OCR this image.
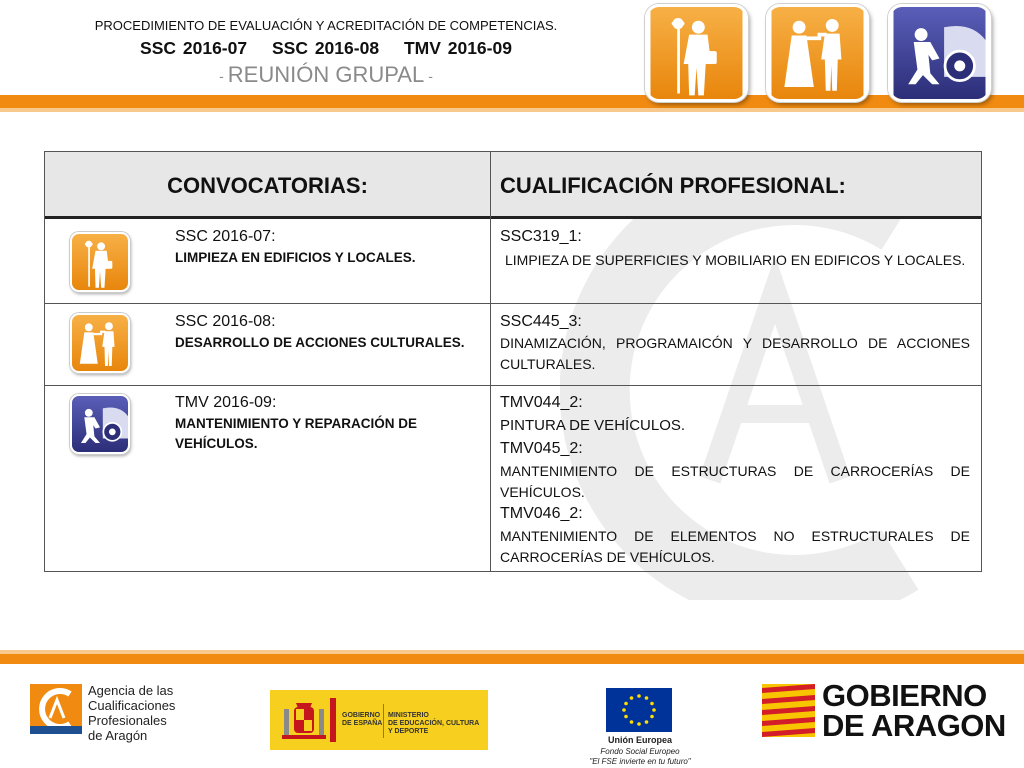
PROCEDIMIENTO DE EVALUACIÓN Y ACREDITACIÓN DE COMPETENCIAS.
SSC 2016-07 SSC 2016-08 TMV 2016-09
- REUNIÓN GRUPAL -
CONVOCATORIAS:	CUALIFICACIÓN PROFESIONAL:
SSC 2016-07:
LIMPIEZA EN EDIFICIOS Y LOCALES.
SSC319_1:
LIMPIEZA DE SUPERFICIES Y MOBILIARIO EN EDIFICOS Y LOCALES.
SSC 2016-08:
DESARROLLO DE ACCIONES CULTURALES.
SSC445_3:
DINAMIZACIÓN, PROGRAMAICÓN Y DESARROLLO DE ACCIONES CULTURALES.
TMV 2016-09:
MANTENIMIENTO Y REPARACIÓN DE VEHÍCULOS.
TMV044_2:
PINTURA DE VEHÍCULOS.
TMV045_2:
MANTENIMIENTO DE ESTRUCTURAS DE CARROCERÍAS DE VEHÍCULOS.
TMV046_2:
MANTENIMIENTO DE ELEMENTOS NO ESTRUCTURALES DE CARROCERÍAS DE VEHÍCULOS.
Agencia de las
Cualificaciones
Profesionales
de Aragón
GOBIERNO
DE ESPAÑA
MINISTERIO
DE EDUCACIÓN, CULTURA
Y DEPORTE
Unión Europea
Fondo Social Europeo
"El FSE invierte en tu futuro"
GOBIERNO
DE ARAGON
